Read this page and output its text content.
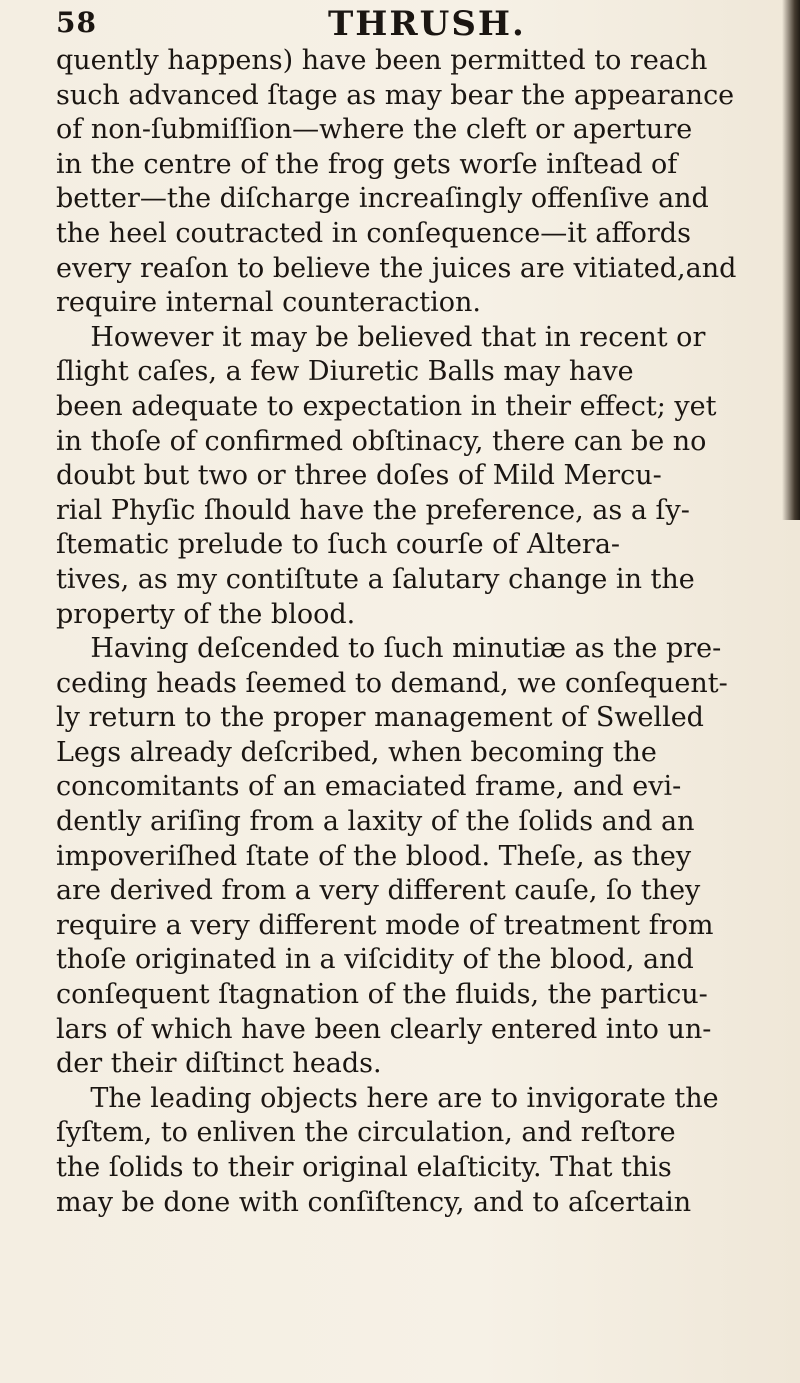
58	THRUSH.
quently happens) have been permitted to reach
such advanced ſtage as may bear the appearance
of non-ſubmiſſion—where the cleft or aperture
in the centre of the frog gets worſe inſtead of
better—the diſcharge increaſingly offenſive and
the heel coutracted in conſequence—it affords
every reaſon to believe the juices are vitiated,and
require internal counteraction.
However it may be believed that in recent or
ſlight caſes, a few Diuretic Balls may have
been adequate to expectation in their effect; yet
in thoſe of confirmed obſtinacy, there can be no
doubt but two or three doſes of Mild Mercu-
rial Phyſic ſhould have the preference, as a ſy-
ſtematic prelude to ſuch courſe of Altera-
tives, as my contiſtute a ſalutary change in the
property of the blood.
Having deſcended to ſuch minutiæ as the pre-
ceding heads ſeemed to demand, we conſequent-
ly return to the proper management of Swelled
Legs already deſcribed, when becoming the
concomitants of an emaciated frame, and evi-
dently ariſing from a laxity of the ſolids and an
impoveriſhed ſtate of the blood. Theſe, as they
are derived from a very different cauſe, ſo they
require a very different mode of treatment from
thoſe originated in a viſcidity of the blood, and
conſequent ſtagnation of the fluids, the particu-
lars of which have been clearly entered into un-
der their diſtinct heads.
The leading objects here are to invigorate the
ſyſtem, to enliven the circulation, and reſtore
the ſolids to their original elaſticity. That this
may be done with conſiſtency, and to aſcertain
